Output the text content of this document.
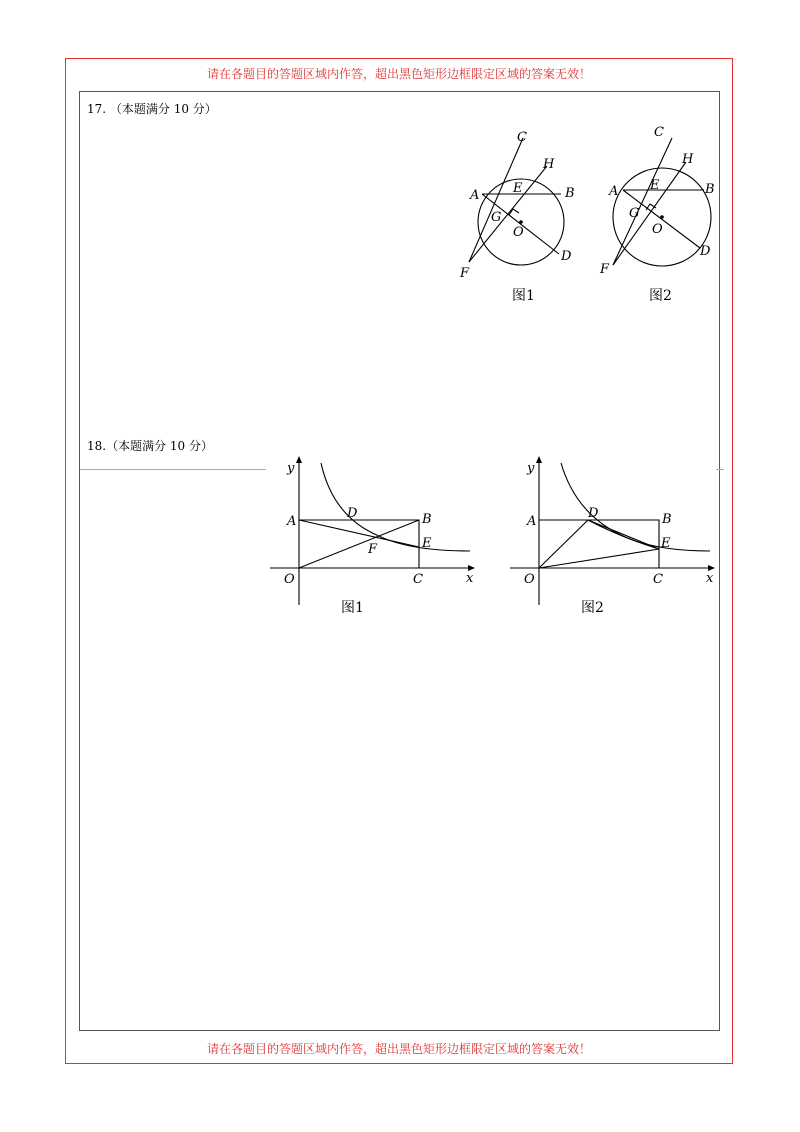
请在各题目的答题区域内作答，超出黑色矩形边框限定区域的答案无效！
17. （本题满分 10 分）
C
H
A	E	B
G
O
D
F
图1
C
H
A E	B
G
O
D
F
图2
18.（本题满分 10 分）
y
x
A
D	B
F	E
O	C
图1
y
x
A
D	B
E
O	C
图2
请在各题目的答题区域内作答，超出黑色矩形边框限定区域的答案无效！
